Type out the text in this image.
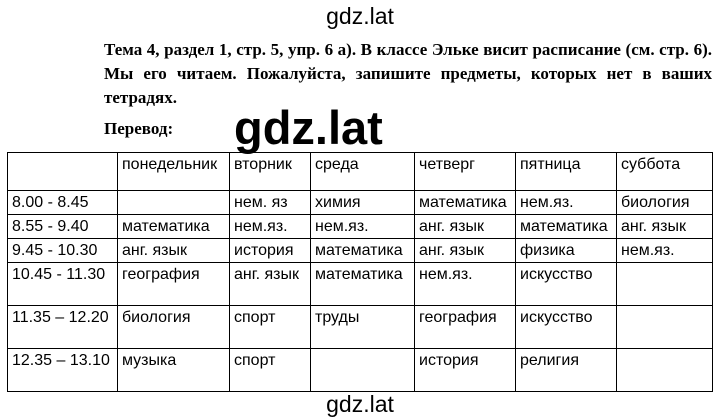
gdz.lat
Тема 4, раздел 1, стр. 5, упр. 6 а). В классе Эльке висит расписание (см. стр. 6). Мы его читаем. Пожалуйста, запишите предметы, которых нет в ваших тетрадях.
Перевод: gdz.lat
	понедельник	вторник	среда	четверг	пятница	суббота
8.00 - 8.45		нем. яз	химия	математика	нем.яз.	биология
8.55 - 9.40	математика	нем.яз.	нем.яз.	анг. язык	математика	анг. язык
9.45 - 10.30	анг. язык	история	математика	анг. язык	физика	нем.яз.
10.45 - 11.30	география	анг. язык	математика	нем.яз.	искусство	
11.35 – 12.20	биология	спорт	труды	география	искусство	
12.35 – 13.10	музыка	спорт		история	религия	
gdz.lat
